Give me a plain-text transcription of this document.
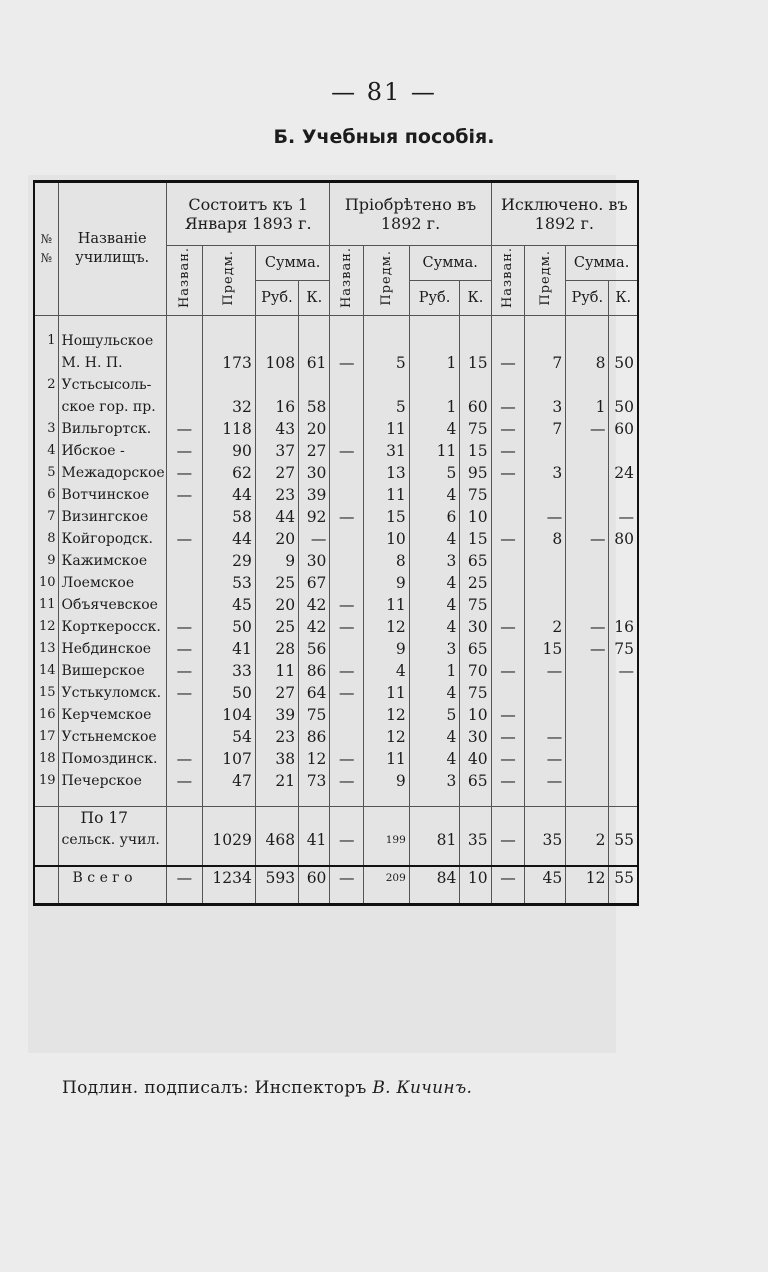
— 81 —
Б. Учебныя пособія.
№ №	Названіе училищъ.	Состоитъ къ 1 Января 1893 г.				Пріобрѣтено въ 1892 г.				Исключено. въ 1892 г.			
		Назван.	Предм.	Сумма.		Назван.	Предм.	Сумма.		Назван.	Предм.	Сумма.	
				Руб.	К.			Руб.	К.			Руб.	К.

1	Ношульское												
	М. Н. П.		173	108	61	—	5	1	15	—	7	8	50
2	Устьсысоль-												
	ское гор. пр.		32	16	58		5	1	60	—	3	1	50
3	Вильгортск.	—	118	43	20		11	4	75	—	7	—	60
4	Ибское -	—	90	37	27	—	31	11	15	—			
5	Межадорское	—	62	27	30		13	5	95	—	3		24
6	Вотчинское	—	44	23	39		11	4	75				
7	Визингское		58	44	92	—	15	6	10		—		—
8	Койгородск.	—	44	20	—		10	4	15	—	8	—	80
9	Кажимское		29	9	30		8	3	65				
10	Лоемское		53	25	67		9	4	25				
11	Объячевское		45	20	42	—	11	4	75				
12	Корткеросск.	—	50	25	42	—	12	4	30	—	2	—	16
13	Небдинское	—	41	28	56		9	3	65		15	—	75
14	Вишерское	—	33	11	86	—	4	1	70	—	—		—
15	Устькуломск.	—	50	27	64	—	11	4	75				
16	Керчемское		104	39	75		12	5	10	—			
17	Устьнемское		54	23	86		12	4	30	—	—		
18	Помоздинск.	—	107	38	12	—	11	4	40	—	—		
19	Печерское	—	47	21	73	—	9	3	65	—	—		

	По 17												
	сельск. учил.		1029	468	41	—	199	81	35	—	35	2	55

	В с е г о	—	1234	593	60	—	209	84	10	—	45	12	55

Подлин. подписалъ: Инспекторъ В. Кичинъ.
